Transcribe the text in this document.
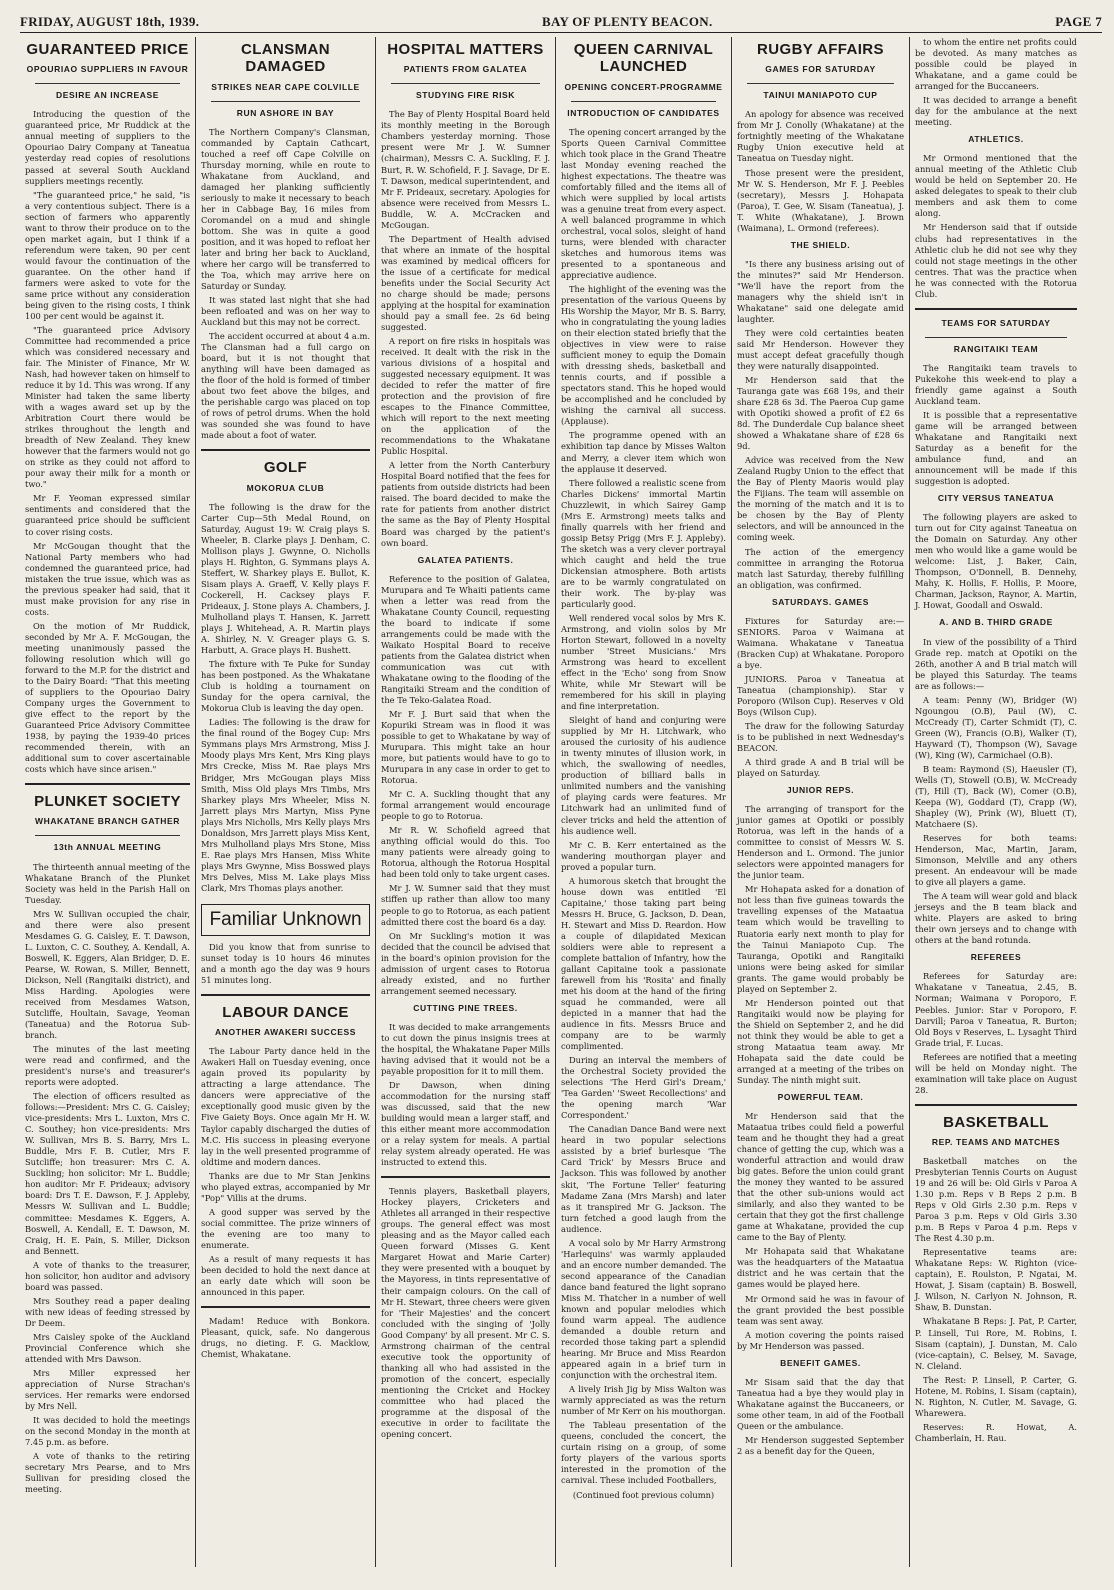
FRIDAY, AUGUST 18th, 1939.	BAY OF PLENTY BEACON.	PAGE 7
GUARANTEED PRICE
OPOURIAO SUPPLIERS IN FAVOUR
DESIRE AN INCREASE

Introducing the question of the guaranteed price, Mr Ruddick at the annual meeting of suppliers to the Opouriao Dairy Company at Taneatua yesterday read copies of resolutions passed at several South Auckland suppliers meetings recently.

"The guaranteed price," he said, "is a very contentious subject. There is a section of farmers who apparently want to throw their produce on to the open market again, but I think if a referendum were taken, 90 per cent would favour the continuation of the guarantee. On the other hand if farmers were asked to vote for the same price without any consideration being given to the rising costs, I think 100 per cent would be against it.

"The guaranteed price Advisory Committee had recommended a price which was considered necessary and fair. The Minister of Finance, Mr W. Nash, had however taken on himself to reduce it by 1d. This was wrong. If any Minister had taken the same liberty with a wages award set up by the Arbitration Court there would be strikes throughout the length and breadth of New Zealand. They knew however that the farmers would not go on strike as they could not afford to pour away their milk for a month or two."

Mr F. Yeoman expressed similar sentiments and considered that the guaranteed price should be sufficient to cover rising costs.

Mr McGougan thought that the National Party members who had condemned the guaranteed price, had mistaken the true issue, which was as the previous speaker had said, that it must make provision for any rise in costs.

On the motion of Mr Ruddick, seconded by Mr A. F. McGougan, the meeting unanimously passed the following resolution which will go forward to the M.P. for the district and to the Dairy Board: "That this meeting of suppliers to the Opouriao Dairy Company urges the Government to give effect to the report by the Guaranteed Price Advisory Committee 1938, by paying the 1939-40 prices recommended therein, with an additional sum to cover ascertainable costs which have since arisen."

PLUNKET SOCIETY
WHAKATANE BRANCH GATHER
13th ANNUAL MEETING

The thirteenth annual meeting of the Whakatane Branch of the Plunket Society was held in the Parish Hall on Tuesday.

Mrs W. Sullivan occupied the chair, and there were also present Mesdames G. G. Caisley, E. T. Dawson, L. Luxton, C. C. Southey, A. Kendall, A. Boswell, K. Eggers, Alan Bridger, D. E. Pearse, W. Rowan, S. Miller, Bennett, Dickson, Nell (Rangitaiki district), and Miss Harding. Apologies were received from Mesdames Watson, Sutcliffe, Houltain, Savage, Yeoman (Taneatua) and the Rotorua Sub-branch.

The minutes of the last meeting were read and confirmed, and the president's nurse's and treasurer's reports were adopted.

The election of officers resulted as follows:—President: Mrs C. G. Caisley; vice-presidents: Mrs L. Luxton, Mrs C. C. Southey; hon vice-presidents: Mrs W. Sullivan, Mrs B. S. Barry, Mrs L. Buddle, Mrs F. B. Cutler, Mrs F. Sutcliffe; hon treasurer: Mrs C. A. Suckling; hon solicitor: Mr L. Buddle; hon auditor: Mr F. Prideaux; advisory board: Drs T. E. Dawson, F. J. Appleby, Messrs W. Sullivan and L. Buddle; committee: Mesdames K. Eggers, A. Boswell, A. Kendall, E. T. Dawson, M. Craig, H. E. Pain, S. Miller, Dickson and Bennett.

A vote of thanks to the treasurer, hon solicitor, hon auditor and advisory board was passed.

Mrs Southey read a paper dealing with new ideas of feeding stressed by Dr Deem.

Mrs Caisley spoke of the Auckland Provincial Conference which she attended with Mrs Dawson.

Mrs Miller expressed her appreciation of Nurse Strachan's services. Her remarks were endorsed by Mrs Nell.

It was decided to hold the meetings on the second Monday in the month at 7.45 p.m. as before.

A vote of thanks to the retiring secretary Mrs Pearse, and to Mrs Sullivan for presiding closed the meeting.

CLANSMAN DAMAGED
STRIKES NEAR CAPE COLVILLE
RUN ASHORE IN BAY

The Northern Company's Clansman, commanded by Captain Cathcart, touched a reef off Cape Colville on Thursday morning, while en route to Whakatane from Auckland, and damaged her planking sufficiently seriously to make it necessary to beach her in Cabbage Bay, 16 miles from Coromandel on a mud and shingle bottom. She was in quite a good position, and it was hoped to refloat her later and bring her back to Auckland, where her cargo will be transferred to the Toa, which may arrive here on Saturday or Sunday.

It was stated last night that she had been refloated and was on her way to Auckland but this may not be correct.

The accident occurred at about 4 a.m. The Clansman had a full cargo on board, but it is not thought that anything will have been damaged as the floor of the hold is formed of timber about two feet above the bilges, and the perishable cargo was placed on top of rows of petrol drums. When the hold was sounded she was found to have made about a foot of water.

GOLF
MOKORUA CLUB

The following is the draw for the Carter Cup—5th Medal Round, on Saturday, August 19: W. Craig plays S. Wheeler, B. Clarke plays J. Denham, C. Mollison plays J. Gwynne, O. Nicholls plays H. Righton, G. Symmans plays A. Steffert, W. Sharkey plays E. Bullot, K. Sisam plays A. Graeff, V. Kelly plays F. Cockerell, H. Cacksey plays F. Prideaux, J. Stone plays A. Chambers, J. Mulholland plays T. Hansen, K. Jarrett plays J. Whitehead, A. R. Martin plays A. Shirley, N. V. Greager plays G. S. Harbutt, A. Grace plays H. Bushett.

The fixture with Te Puke for Sunday has been postponed. As the Whakatane Club is holding a tournament on Sunday for the opera carnival, the Mokorua Club is leaving the day open.

Ladies: The following is the draw for the final round of the Bogey Cup: Mrs Symmans plays Mrs Armstrong, Miss J. Moody plays Mrs Kent, Mrs King plays Mrs Crecke, Miss M. Rae plays Mrs Bridger, Mrs McGougan plays Miss Smith, Miss Old plays Mrs Timbs, Mrs Sharkey plays Mrs Wheeler, Miss N. Jarrett plays Mrs Martyn, Miss Pyne plays Mrs Nicholls, Mrs Kelly plays Mrs Donaldson, Mrs Jarrett plays Miss Kent, Mrs Mulholland plays Mrs Stone, Miss E. Rae plays Mrs Hansen, Miss White plays Mrs Gwynne, Miss Bosswed plays Mrs Delves, Miss M. Lake plays Miss Clark, Mrs Thomas plays another.

Familiar Unknown

Did you know that from sunrise to sunset today is 10 hours 46 minutes and a month ago the day was 9 hours 51 minutes long.

LABOUR DANCE
ANOTHER AWAKERI SUCCESS

The Labour Party dance held in the Awakeri Hall on Tuesday evening, once again proved its popularity by attracting a large attendance. The dancers were appreciative of the exceptionally good music given by the Five Gaiety Boys. Once again Mr H. W. Taylor capably discharged the duties of M.C. His success in pleasing everyone lay in the well presented programme of oldtime and modern dances.

Thanks are due to Mr Stan Jenkins who played extras, accompanied by Mr "Pop" Villis at the drums.

A good supper was served by the social committee. The prize winners of the evening are too many to enumerate.

As a result of many requests it has been decided to hold the next dance at an early date which will soon be announced in this paper.

Madam! Reduce with Bonkora. Pleasant, quick, safe. No dangerous drugs, no dieting. F. G. Macklow, Chemist, Whakatane.

HOSPITAL MATTERS
PATIENTS FROM GALATEA
STUDYING FIRE RISK

The Bay of Plenty Hospital Board held its monthly meeting in the Borough Chambers yesterday morning. Those present were Mr J. W. Sumner (chairman), Messrs C. A. Suckling, F. J. Burt, R. W. Schofield, F. J. Savage, Dr E. T. Dawson, medical superintendent, and Mr F. Prideaux, secretary. Apologies for absence were received from Messrs L. Buddle, W. A. McCracken and McGougan.

The Department of Health advised that where an inmate of the hospital was examined by medical officers for the issue of a certificate for medical benefits under the Social Security Act no charge should be made; persons applying at the hospital for examination should pay a small fee. 2s 6d being suggested.

A report on fire risks in hospitals was received. It dealt with the risk in the various divisions of a hospital and suggested necessary equipment. It was decided to refer the matter of fire protection and the provision of fire escapes to the Finance Committee, which will report to the next meeting on the application of the recommendations to the Whakatane Public Hospital.

A letter from the North Canterbury Hospital Board notified that the fees for patients from outside districts had been raised. The board decided to make the rate for patients from another district the same as the Bay of Plenty Hospital Board was charged by the patient's own board.

GALATEA PATIENTS.

Reference to the position of Galatea, Murupara and Te Whaiti patients came when a letter was read from the Whakatane County Council, requesting the board to indicate if some arrangements could be made with the Waikato Hospital Board to receive patients from the Galatea district when communication was cut with Whakatane owing to the flooding of the Rangitaiki Stream and the condition of the Te Teko-Galatea Road.

Mr F. J. Burt said that when the Kopuriki Stream was in flood it was possible to get to Whakatane by way of Murupara. This might take an hour more, but patients would have to go to Murupara in any case in order to get to Rotorua.

Mr C. A. Suckling thought that any formal arrangement would encourage people to go to Rotorua.

Mr R. W. Schofield agreed that anything official would do this. Too many patients were already going to Rotorua, although the Rotorua Hospital had been told only to take urgent cases.

Mr J. W. Sumner said that they must stiffen up rather than allow too many people to go to Rotorua, as each patient admitted there cost the board 6s a day.

On Mr Suckling's motion it was decided that the council be advised that in the board's opinion provision for the admission of urgent cases to Rotorua already existed, and no further arrangement seemed necessary.

CUTTING PINE TREES.

It was decided to make arrangements to cut down the pinus insignis trees at the hospital, the Whakatane Paper Mills having advised that it would not be a payable proposition for it to mill them.

Dr Dawson, when dining accommodation for the nursing staff was discussed, said that the new building would mean a larger staff, and this either meant more accommodation or a relay system for meals. A partial relay system already operated. He was instructed to extend this.

Tennis players, Basketball players, Hockey players, Cricketers and Athletes all arranged in their respective groups. The general effect was most pleasing and as the Mayor called each Queen forward (Misses G. Kent Margaret Howat and Marie Carter) they were presented with a bouquet by the Mayoress, in tints representative of their campaign colours. On the call of Mr H. Stewart, three cheers were given for 'Their Majesties' and the concert concluded with the singing of 'Jolly Good Company' by all present. Mr C. S. Armstrong chairman of the central executive took the opportunity of thanking all who had assisted in the promotion of the concert, especially mentioning the Cricket and Hockey committee who had placed the programme at the disposal of the executive in order to facilitate the opening concert.

QUEEN CARNIVAL LAUNCHED
OPENING CONCERT-PROGRAMME
INTRODUCTION OF CANDIDATES

The opening concert arranged by the Sports Queen Carnival Committee which took place in the Grand Theatre last Monday evening reached the highest expectations. The theatre was comfortably filled and the items all of which were supplied by local artists was a genuine treat from every aspect. A well balanced programme in which orchestral, vocal solos, sleight of hand turns, were blended with character sketches and humorous items was presented to a spontaneous and appreciative audience.

The highlight of the evening was the presentation of the various Queens by His Worship the Mayor, Mr B. S. Barry, who in congratulating the young ladies on their election stated briefly that the objectives in view were to raise sufficient money to equip the Domain with dressing sheds, basketball and tennis courts, and if possible a spectators stand. This he hoped would be accomplished and he concluded by wishing the carnival all success. (Applause).

The programme opened with an exhibition tap dance by Misses Walton and Merry, a clever item which won the applause it deserved.

There followed a realistic scene from Charles Dickens' immortal Martin Chuzzlewit, in which Sairey Gamp (Mrs E. Armstrong) meets talks and finally quarrels with her friend and gossip Betsy Prigg (Mrs F. J. Appleby). The sketch was a very clever portrayal which caught and held the true Dickensian atmosphere. Both artists are to be warmly congratulated on their work. The by-play was particularly good.

Well rendered vocal solos by Mrs K. Armstrong, and violin solos by Mr Horton Stewart, followed in a novelty number 'Street Musicians.' Mrs Armstrong was heard to excellent effect in the 'Echo' song from Snow White, while Mr Stewart will be remembered for his skill in playing and fine interpretation.

Sleight of hand and conjuring were supplied by Mr H. Litchwark, who aroused the curiosity of his audience in twenty minutes of illusion work, in which, the swallowing of needles, production of billiard balls in unlimited numbers and the vanishing of playing cards were features. Mr Litchwark had an unlimited fund of clever tricks and held the attention of his audience well.

Mr C. B. Kerr entertained as the wandering mouthorgan player and proved a popular turn.

A humorous sketch that brought the house down was entitled 'El Capitaine,' those taking part being Messrs H. Bruce, G. Jackson, D. Dean, H. Stewart and Miss D. Reardon. How a couple of dilapidated Mexican soldiers were able to represent a complete battalion of Infantry, how the gallant Capitaine took a passionate farewell from his 'Rosita' and finally met his doom at the hand of the firing squad he commanded, were all depicted in a manner that had the audience in fits. Messrs Bruce and company are to be warmly complimented.

During an interval the members of the Orchestral Society provided the selections 'The Herd Girl's Dream,' 'Tea Garden' 'Sweet Recollections' and the opening march 'War Correspondent.'

The Canadian Dance Band were next heard in two popular selections assisted by a brief burlesque 'The Card Trick' by Messrs Bruce and Jackson. This was followed by another skit, 'The Fortune Teller' featuring Madame Zana (Mrs Marsh) and later as it transpired Mr G. Jackson. The turn fetched a good laugh from the audience.

A vocal solo by Mr Harry Armstrong 'Harlequins' was warmly applauded and an encore number demanded. The second appearance of the Canadian dance band featured the light soprano Miss M. Thatcher in a number of well known and popular melodies which found warm appeal. The audience demanded a double return and recorded those taking part a splendid hearing. Mr Bruce and Miss Reardon appeared again in a brief turn in conjunction with the orchestral item.

A lively Irish Jig by Miss Walton was warmly appreciated as was the return number of Mr Kerr on his mouthorgan.

The Tableau presentation of the queens, concluded the concert, the curtain rising on a group, of some forty players of the various sports interested in the promotion of the carnival. These included Footballers,

(Continued foot previous column)
RUGBY AFFAIRS
GAMES FOR SATURDAY
TAINUI MANIAPOTO CUP

An apology for absence was received from Mr J. Conolly (Whakatane) at the fortnightly meeting of the Whakatane Rugby Union executive held at Taneatua on Tuesday night.

Those present were the president, Mr W. S. Henderson, Mr F. J. Peebles (secretary), Messrs J. Hohapata (Paroa), T. Gee, W. Sisam (Taneatua), J. T. White (Whakatane), J. Brown (Waimana), L. Ormond (referees).

THE SHIELD.

"Is there any business arising out of the minutes?" said Mr Henderson. "We'll have the report from the managers why the shield isn't in Whakatane" said one delegate amid laughter.

They were cold certainties beaten said Mr Henderson. However they must accept defeat gracefully though they were naturally disappointed.

Mr Henderson said that the Tauranga gate was £68 19s, and their share £28 6s 3d. The Paeroa Cup game with Opotiki showed a profit of £2 6s 8d. The Dunderdale Cup balance sheet showed a Whakatane share of £28 6s 9d.

Advice was received from the New Zealand Rugby Union to the effect that the Bay of Plenty Maoris would play the Fijians. The team will assemble on the morning of the match and it is to be chosen by the Bay of Plenty selectors, and will be announced in the coming week.

The action of the emergency committee in arranging the Rotorua match last Saturday, thereby fulfilling an obligation, was confirmed.

SATURDAYS. GAMES

Fixtures for Saturday are:— SENIORS. Paroa v Waimana at Waimana. Whakatane v Taneatua (Bracken Cup) at Whakatane. Poroporo a bye.

JUNIORS. Paroa v Taneatua at Taneatua (championship). Star v Poroporo (Wilson Cup). Reserves v Old Boys (Wilson Cup).

The draw for the following Saturday is to be published in next Wednesday's BEACON.

A third grade A and B trial will be played on Saturday.

JUNIOR REPS.

The arranging of transport for the junior games at Opotiki or possibly Rotorua, was left in the hands of a committee to consist of Messrs W. S. Henderson and L. Ormond. The junior selectors were appointed managers for the junior team.

Mr Hohapata asked for a donation of not less than five guineas towards the travelling expenses of the Mataatua team which would be travelling to Ruatoria early next month to play for the Tainui Maniapoto Cup. The Tauranga, Opotiki and Rangitaiki unions were being asked for similar grants. The game would probably be played on September 2.

Mr Henderson pointed out that Rangitaiki would now be playing for the Shield on September 2, and he did not think they would be able to get a strong Mataatua team away. Mr Hohapata said the date could be arranged at a meeting of the tribes on Sunday. The ninth might suit.

POWERFUL TEAM.

Mr Henderson said that the Mataatua tribes could field a powerful team and he thought they had a great chance of getting the cup, which was a wonderful attraction and would draw big gates. Before the union could grant the money they wanted to be assured that the other sub-unions would act similarly, and also they wanted to be certain that they got the first challenge game at Whakatane, provided the cup came to the Bay of Plenty.

Mr Hohapata said that Whakatane was the headquarters of the Mataatua district and he was certain that the games would be played here.

Mr Ormond said he was in favour of the grant provided the best possible team was sent away.

A motion covering the points raised by Mr Henderson was passed.

BENEFIT GAMES.

Mr Sisam said that the day that Taneatua had a bye they would play in Whakatane against the Buccaneers, or some other team, in aid of the Football Queen or the ambulance.

Mr Henderson suggested September 2 as a benefit day for the Queen,

to whom the entire net profits could be devoted. As many matches as possible could be played in Whakatane, and a game could be arranged for the Buccaneers.

It was decided to arrange a benefit day for the ambulance at the next meeting.

ATHLETICS.

Mr Ormond mentioned that the annual meeting of the Athletic Club would be held on September 20. He asked delegates to speak to their club members and ask them to come along.

Mr Henderson said that if outside clubs had representatives in the Athletic club he did not see why they could not stage meetings in the other centres. That was the practice when he was connected with the Rotorua Club.

TEAMS FOR SATURDAY
RANGITAIKI TEAM

The Rangitaiki team travels to Pukekohe this week-end to play a friendly game against a South Auckland team.

It is possible that a representative game will be arranged between Whakatane and Rangitaiki next Saturday as a benefit for the ambulance fund, and an announcement will be made if this suggestion is adopted.

CITY VERSUS TANEATUA

The following players are asked to turn out for City against Taneatua on the Domain on Saturday. Any other men who would like a game would be welcome: List, J. Baker, Cain, Thompson, O'Donnell, B. Dennehy, Mahy, K. Hollis, F. Hollis, P. Moore, Charman, Jackson, Raynor, A. Martin, J. Howat, Goodall and Oswald.

A. AND B. THIRD GRADE

In view of the possibility of a Third Grade rep. match at Opotiki on the 26th, another A and B trial match will be played this Saturday. The teams are as follows:—

A team: Penny (W), Bridger (W) Ngoungou (O.B), Paul (W), C. McCready (T), Carter Schmidt (T), C. Green (W), Francis (O.B), Walker (T), Hayward (T), Thompson (W), Savage (W), King (W), Carmichael (O.B).

B team: Raymond (S), Haeusler (T), Wells (T), Stowell (O.B), W. McCready (T), Hill (T), Back (W), Comer (O.B), Keepa (W), Goddard (T), Crapp (W), Shapley (W), Prink (W), Bluett (T), Matchaere (S).

Reserves for both teams: Henderson, Mac, Martin, Jaram, Simonson, Melville and any others present. An endeavour will be made to give all players a game.

The A team will wear gold and black jerseys and the B team black and white. Players are asked to bring their own jerseys and to change with others at the band rotunda.

REFEREES

Referees for Saturday are: Whakatane v Taneatua, 2.45, B. Norman; Waimana v Poroporo, F. Peebles. Junior: Star v Poroporo, F. Darvill; Paroa v Taneatua, R. Burton; Old Boys v Reserves, L. Lysaght Third Grade trial, F. Lucas.

Referees are notified that a meeting will be held on Monday night. The examination will take place on August 28.

BASKETBALL
REP. TEAMS AND MATCHES

Basketball matches on the Presbyterian Tennis Courts on August 19 and 26 will be: Old Girls v Paroa A 1.30 p.m. Reps v B Reps 2 p.m. B Reps v Old Girls 2.30 p.m. Reps v Paroa 3 p.m. Reps v Old Girls 3.30 p.m. B Reps v Paroa 4 p.m. Reps v The Rest 4.30 p.m.

Representative teams are: Whakatane Reps: W. Righton (vice-captain), E. Roulston, P. Ngatai, M. Howat, J. Sisam (captain) B. Boswell, J. Wilson, N. Carlyon N. Johnson, R. Shaw, B. Dunstan.

Whakatane B Reps: J. Pat, P. Carter, P. Linsell, Tui Rore, M. Robins, I. Sisam (captain), J. Dunstan, M. Calo (vice-captain), C. Belsey, M. Savage, N. Cleland.

The Rest: P. Linsell, P. Carter, G. Hotene, M. Robins, I. Sisam (captain), N. Righton, N. Cutler, M. Savage, G. Wharewera.

Reserves: R. Howat, A. Chamberlain, H. Rau.
